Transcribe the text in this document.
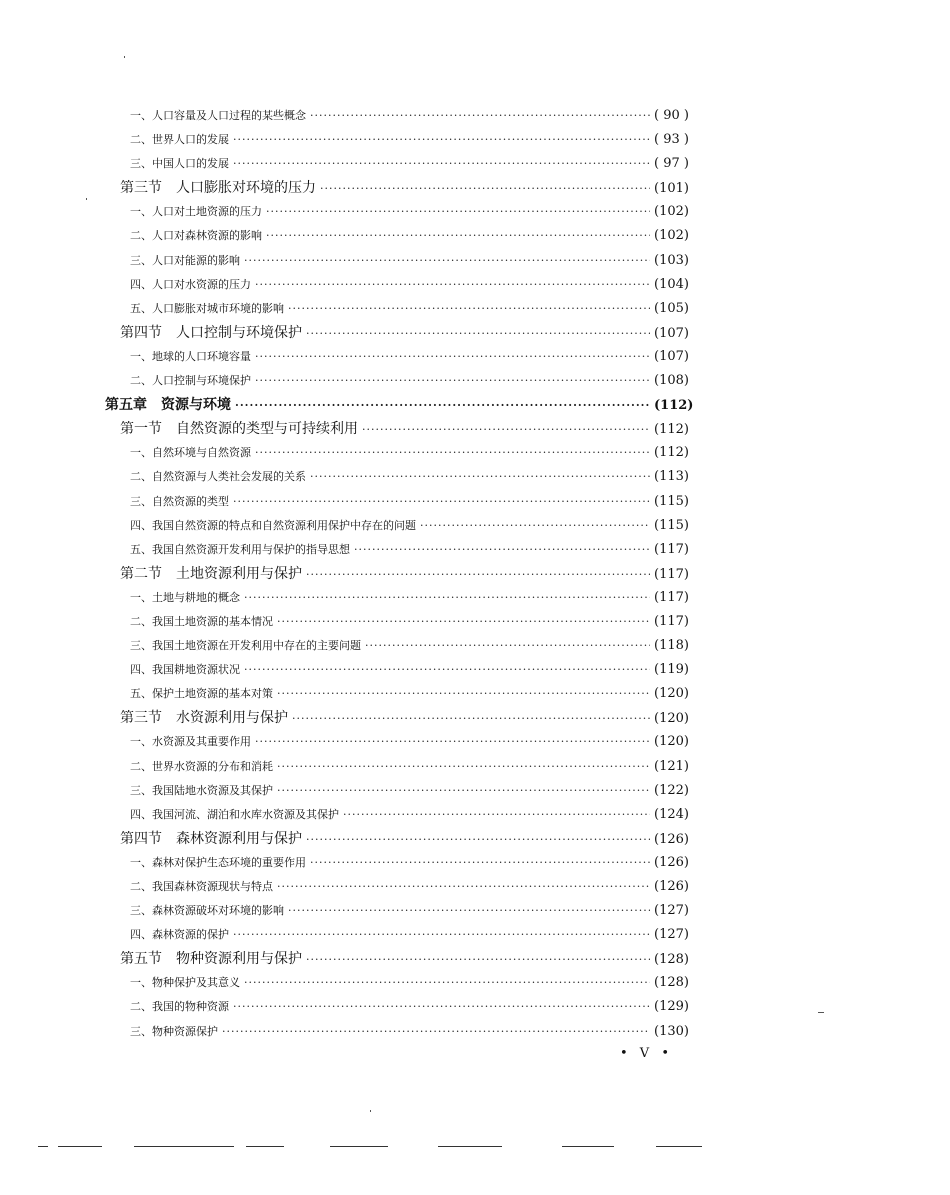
一、人口容量及人口过程的某些概念 ·····	( 90 )
二、世界人口的发展 ·····	( 93 )
三、中国人口的发展 ·····	( 97 )
第三节　人口膨胀对环境的压力 ·····	(101)
一、人口对土地资源的压力 ·····	(102)
二、人口对森林资源的影响 ·····	(102)
三、人口对能源的影响 ·····	(103)
四、人口对水资源的压力 ·····	(104)
五、人口膨胀对城市环境的影响 ·····	(105)
第四节　人口控制与环境保护 ·····	(107)
一、地球的人口环境容量 ·····	(107)
二、人口控制与环境保护 ·····	(108)
第五章　资源与环境 ·····	(112)
第一节　自然资源的类型与可持续利用 ·····	(112)
一、自然环境与自然资源 ·····	(112)
二、自然资源与人类社会发展的关系 ·····	(113)
三、自然资源的类型 ·····	(115)
四、我国自然资源的特点和自然资源利用保护中存在的问题 ·····	(115)
五、我国自然资源开发利用与保护的指导思想 ·····	(117)
第二节　土地资源利用与保护 ·····	(117)
一、土地与耕地的概念 ·····	(117)
二、我国土地资源的基本情况 ·····	(117)
三、我国土地资源在开发利用中存在的主要问题 ·····	(118)
四、我国耕地资源状况 ·····	(119)
五、保护土地资源的基本对策 ·····	(120)
第三节　水资源利用与保护 ·····	(120)
一、水资源及其重要作用 ·····	(120)
二、世界水资源的分布和消耗 ·····	(121)
三、我国陆地水资源及其保护 ·····	(122)
四、我国河流、湖泊和水库水资源及其保护 ·····	(124)
第四节　森林资源利用与保护 ·····	(126)
一、森林对保护生态环境的重要作用 ·····	(126)
二、我国森林资源现状与特点 ·····	(126)
三、森林资源破坏对环境的影响 ·····	(127)
四、森林资源的保护 ·····	(127)
第五节　物种资源利用与保护 ·····	(128)
一、物种保护及其意义 ·····	(128)
二、我国的物种资源 ·····	(129)
三、物种资源保护 ·····	(130)
• V •
